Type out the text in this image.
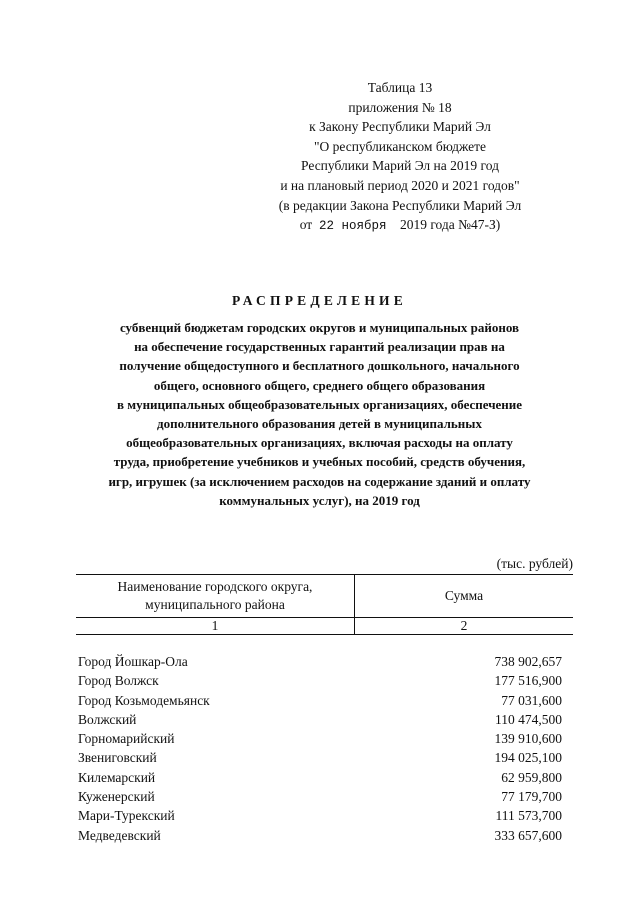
Таблица 13
приложения № 18
к Закону Республики Марий Эл
"О республиканском бюджете
Республики Марий Эл на 2019 год
и на плановый период 2020 и 2021 годов"
(в редакции Закона Республики Марий Эл
от 22 ноября 2019 года №47-З)
РАСПРЕДЕЛЕНИЕ
субвенций бюджетам городских округов и муниципальных районов
на обеспечение государственных гарантий реализации прав на
получение общедоступного и бесплатного дошкольного, начального
общего, основного общего, среднего общего образования
в муниципальных общеобразовательных организациях, обеспечение
дополнительного образования детей в муниципальных
общеобразовательных организациях, включая расходы на оплату
труда, приобретение учебников и учебных пособий, средств обучения,
игр, игрушек (за исключением расходов на содержание зданий и оплату
коммунальных услуг), на 2019 год
(тыс. рублей)
Наименование городского округа,
муниципального района	Сумма
1	2
Город Йошкар-Ола	738 902,657
Город Волжск	177 516,900
Город Козьмодемьянск	77 031,600
Волжский	110 474,500
Горномарийский	139 910,600
Звениговский	194 025,100
Килемарский	62 959,800
Куженерский	77 179,700
Мари-Турекский	111 573,700
Медведевский	333 657,600
